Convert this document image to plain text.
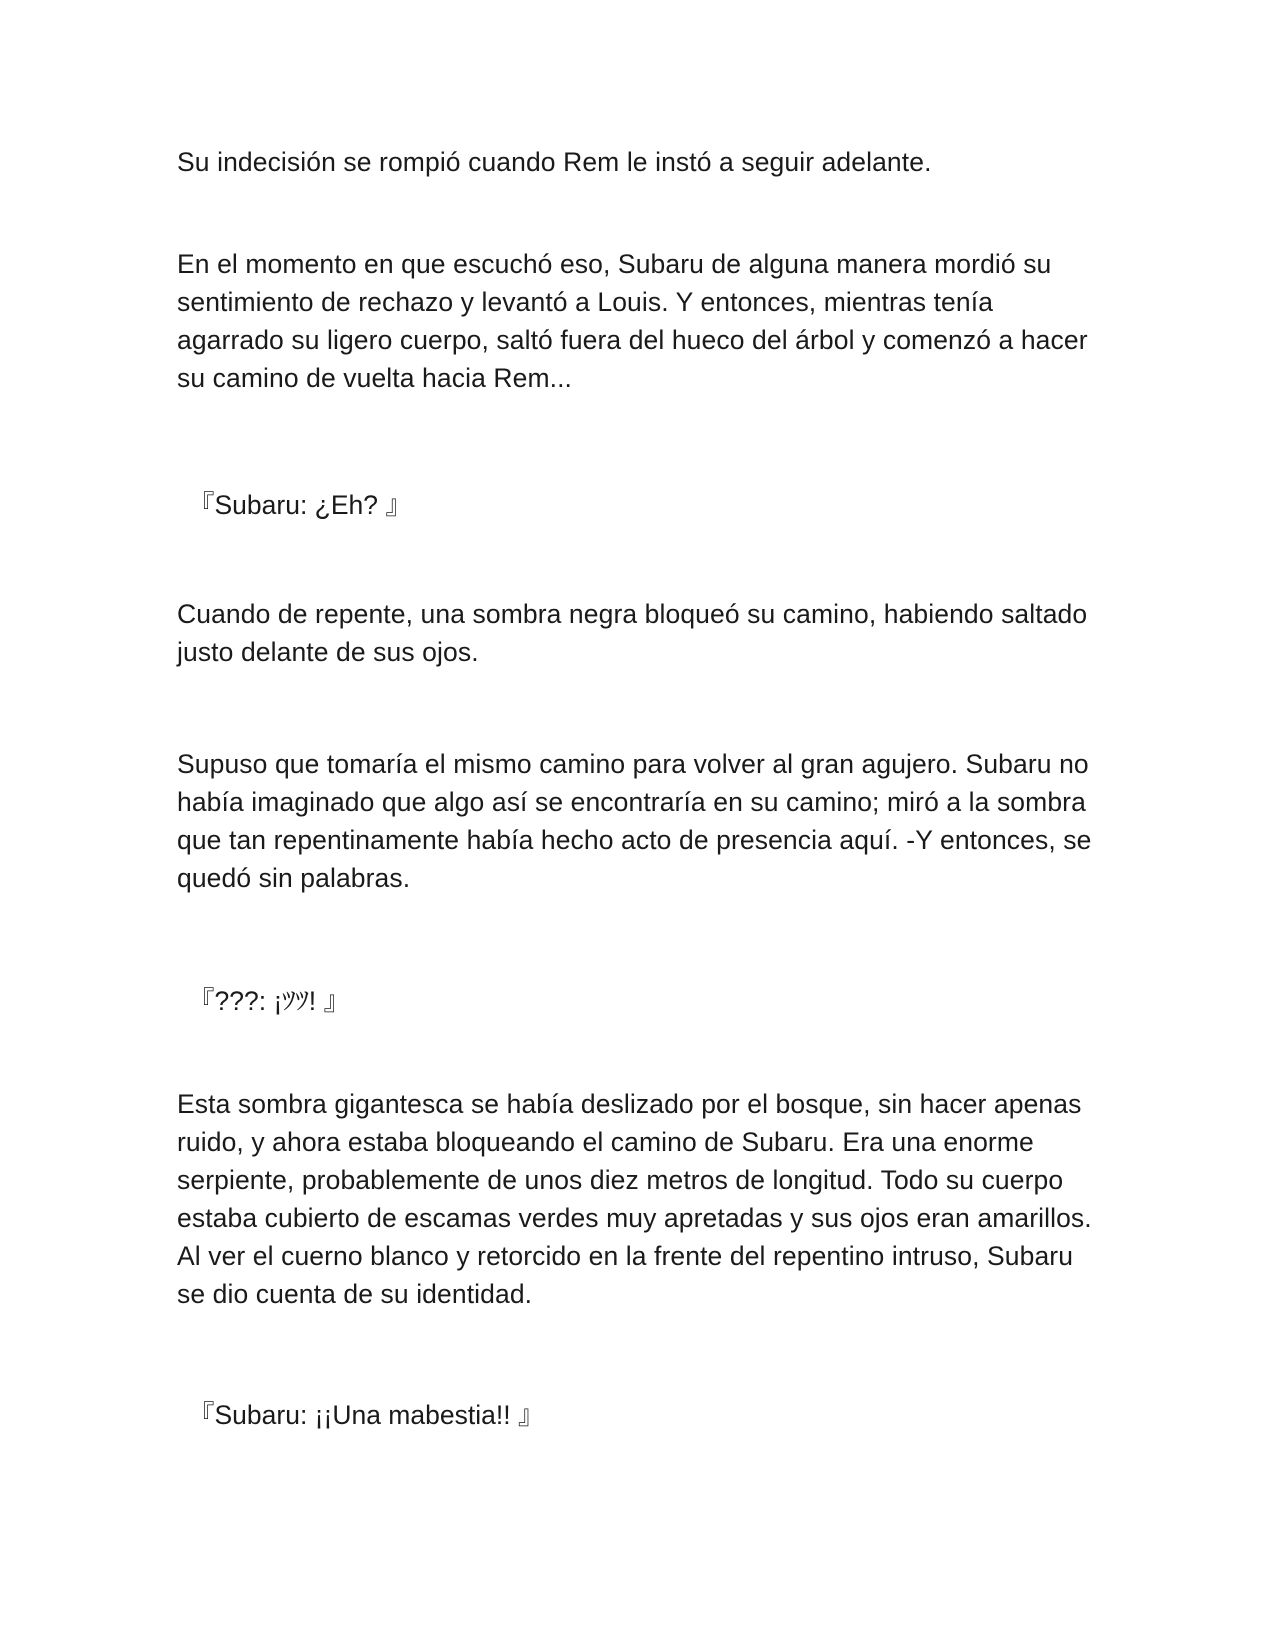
Su indecisión se rompió cuando Rem le instó a seguir adelante.

En el momento en que escuchó eso, Subaru de alguna manera mordió su sentimiento de rechazo y levantó a Louis. Y entonces, mientras tenía agarrado su ligero cuerpo, saltó fuera del hueco del árbol y comenzó a hacer su camino de vuelta hacia Rem...

『Subaru: ¿Eh? 』

Cuando de repente, una sombra negra bloqueó su camino, habiendo saltado justo delante de sus ojos.

Supuso que tomaría el mismo camino para volver al gran agujero. Subaru no había imaginado que algo así se encontraría en su camino; miró a la sombra que tan repentinamente había hecho acto de presencia aquí. -Y entonces, se quedó sin palabras.

『???: ¡ﾂﾂ! 』

Esta sombra gigantesca se había deslizado por el bosque, sin hacer apenas ruido, y ahora estaba bloqueando el camino de Subaru. Era una enorme serpiente, probablemente de unos diez metros de longitud. Todo su cuerpo estaba cubierto de escamas verdes muy apretadas y sus ojos eran amarillos. Al ver el cuerno blanco y retorcido en la frente del repentino intruso, Subaru se dio cuenta de su identidad.

『Subaru: ¡¡Una mabestia!! 』
